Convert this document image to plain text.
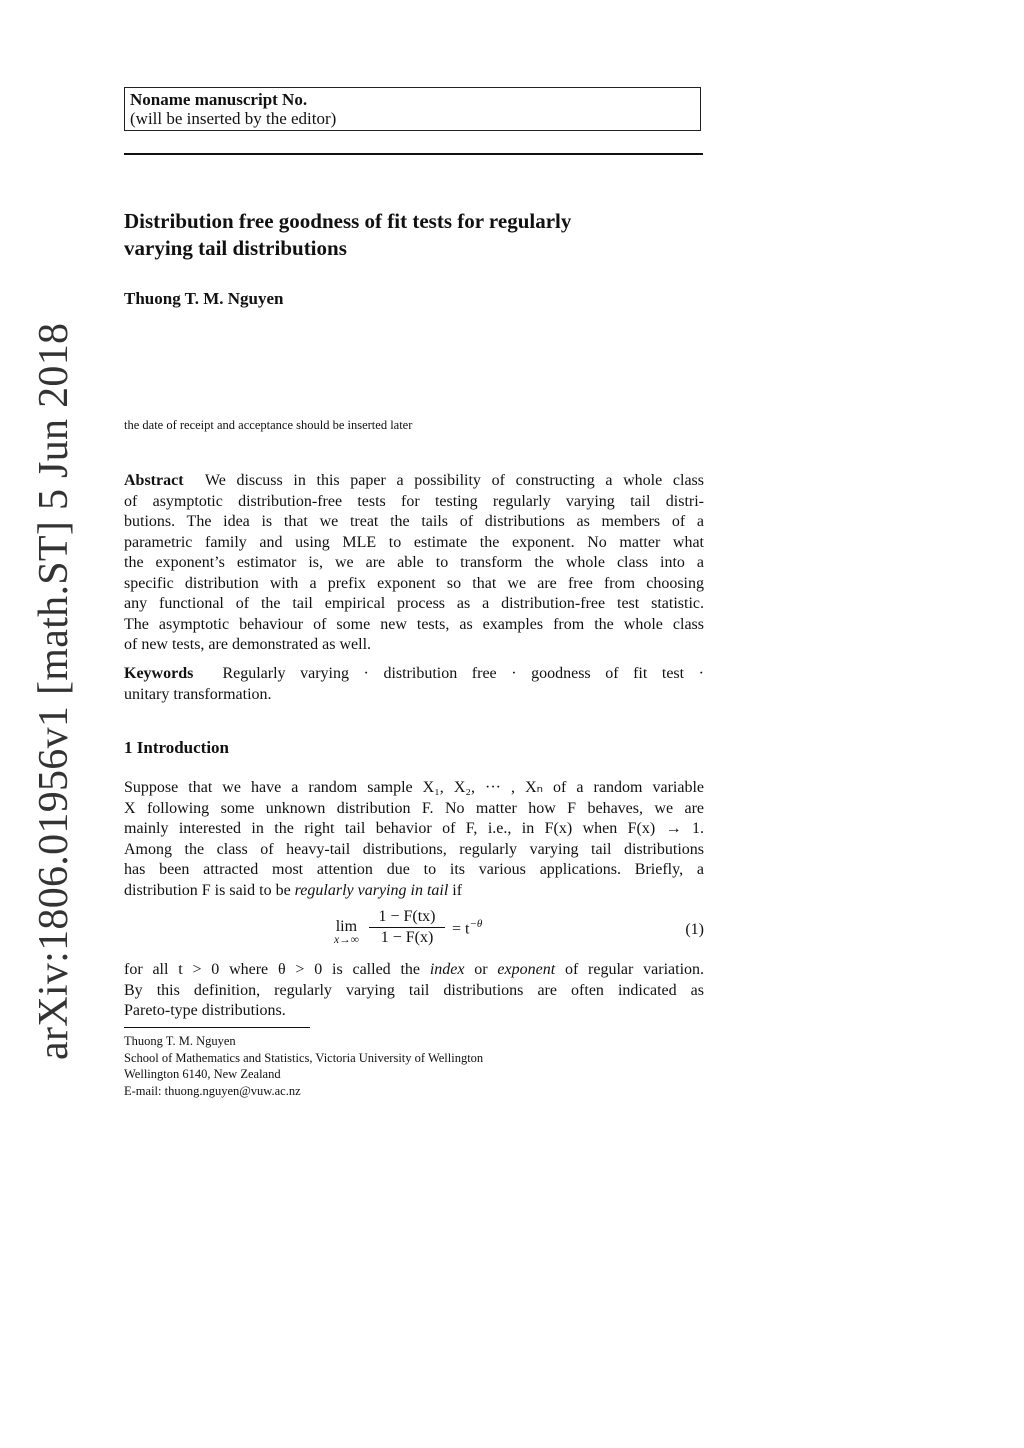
arXiv:1806.01956v1 [math.ST] 5 Jun 2018
Noname manuscript No.
(will be inserted by the editor)
Distribution free goodness of fit tests for regularly
varying tail distributions
Thuong T. M. Nguyen
the date of receipt and acceptance should be inserted later
Abstract We discuss in this paper a possibility of constructing a whole class
of asymptotic distribution-free tests for testing regularly varying tail distri-
butions. The idea is that we treat the tails of distributions as members of a
parametric family and using MLE to estimate the exponent. No matter what
the exponent’s estimator is, we are able to transform the whole class into a
specific distribution with a prefix exponent so that we are free from choosing
any functional of the tail empirical process as a distribution-free test statistic.
The asymptotic behaviour of some new tests, as examples from the whole class
of new tests, are demonstrated as well.
Keywords Regularly varying · distribution free · goodness of fit test ·
unitary transformation.
1 Introduction
Suppose that we have a random sample X₁, X₂, ··· , Xₙ of a random variable
X following some unknown distribution F. No matter how F behaves, we are
mainly interested in the right tail behavior of F, i.e., in F(x) when F(x) → 1.
Among the class of heavy-tail distributions, regularly varying tail distributions
has been attracted most attention due to its various applications. Briefly, a
distribution F is said to be regularly varying in tail if
lim
$x\to\infty \frac{1 - F(tx)}{1 - F(x)} = t^{-\theta}$	(1)
for all t > 0 where θ > 0 is called the index or exponent of regular variation.
By this definition, regularly varying tail distributions are often indicated as
Pareto-type distributions.
Thuong T. M. Nguyen
School of Mathematics and Statistics, Victoria University of Wellington
Wellington 6140, New Zealand
E-mail: thuong.nguyen@vuw.ac.nz
